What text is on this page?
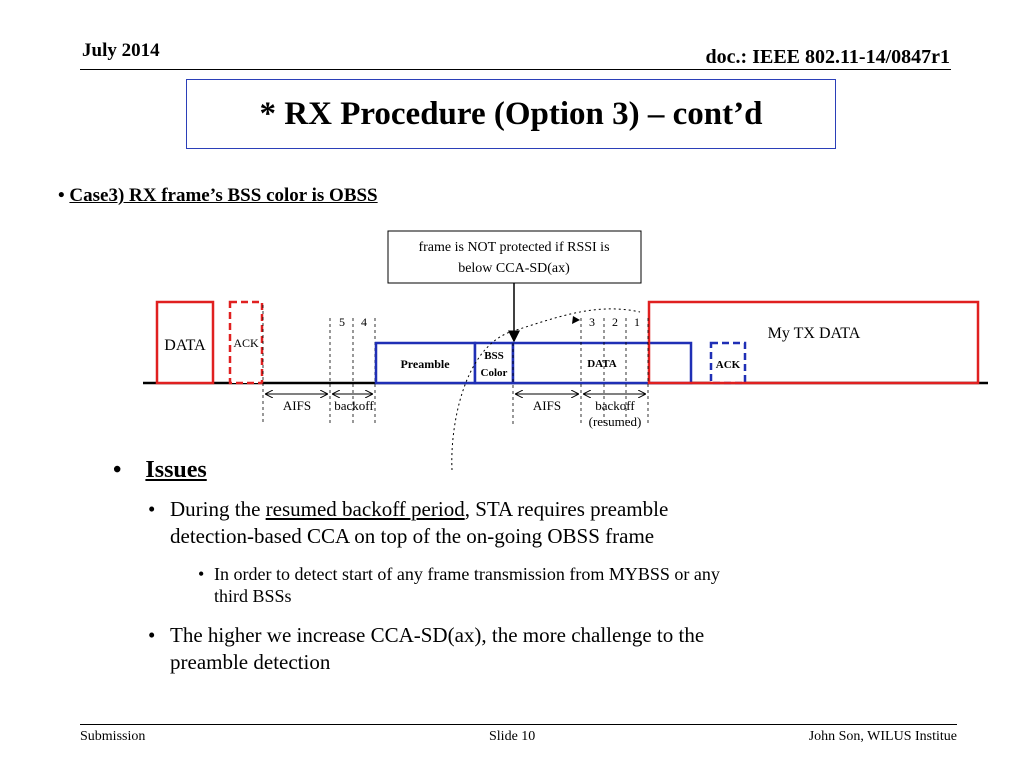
July 2014	doc.: IEEE 802.11-14/0847r1
* RX Procedure (Option 3) – cont’d
• Case3) RX frame’s BSS color is OBSS
frame is NOT protected if RSSI is
below CCA-SD(ax)
DATA ACK
5 4
Preamble
BSS
Color
DATA	ACK
My TX DATA
3 2 1
AIFS backoff	AIFS	backoff
(resumed)
• Issues
• During the resumed backoff period, STA requires preamble
detection-based CCA on top of the on-going OBSS frame
• In order to detect start of any frame transmission from MYBSS or any
third BSSs
• The higher we increase CCA-SD(ax), the more challenge to the
preamble detection
Submission	Slide 10	John Son, WILUS Institue
